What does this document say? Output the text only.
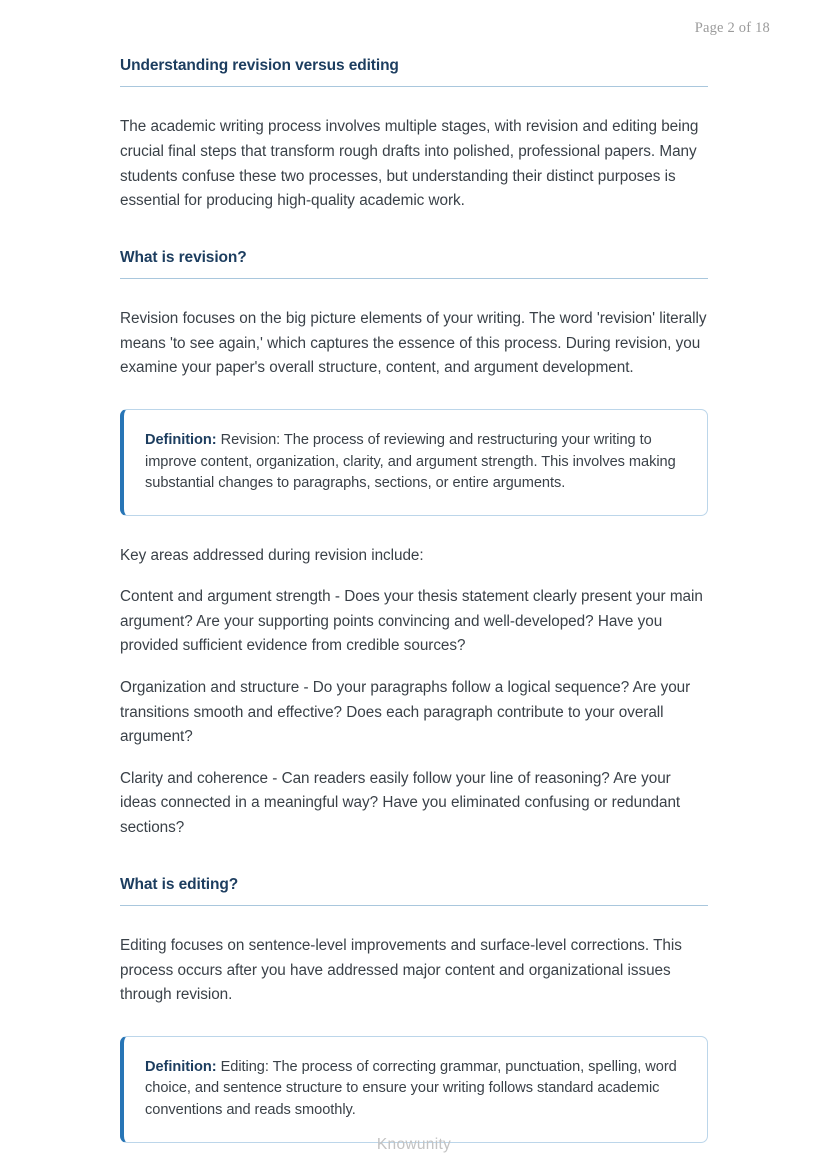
Page 2 of 18
Understanding revision versus editing

The academic writing process involves multiple stages, with revision and editing being crucial final steps that transform rough drafts into polished, professional papers. Many students confuse these two processes, but understanding their distinct purposes is essential for producing high-quality academic work.

What is revision?

Revision focuses on the big picture elements of your writing. The word 'revision' literally means 'to see again,' which captures the essence of this process. During revision, you examine your paper's overall structure, content, and argument development.

Definition: Revision: The process of reviewing and restructuring your writing to improve content, organization, clarity, and argument strength. This involves making substantial changes to paragraphs, sections, or entire arguments.

Key areas addressed during revision include:

Content and argument strength - Does your thesis statement clearly present your main argument? Are your supporting points convincing and well-developed? Have you provided sufficient evidence from credible sources?

Organization and structure - Do your paragraphs follow a logical sequence? Are your transitions smooth and effective? Does each paragraph contribute to your overall argument?

Clarity and coherence - Can readers easily follow your line of reasoning? Are your ideas connected in a meaningful way? Have you eliminated confusing or redundant sections?

What is editing?

Editing focuses on sentence-level improvements and surface-level corrections. This process occurs after you have addressed major content and organizational issues through revision.

Definition: Editing: The process of correcting grammar, punctuation, spelling, word choice, and sentence structure to ensure your writing follows standard academic conventions and reads smoothly.

Knowunity
